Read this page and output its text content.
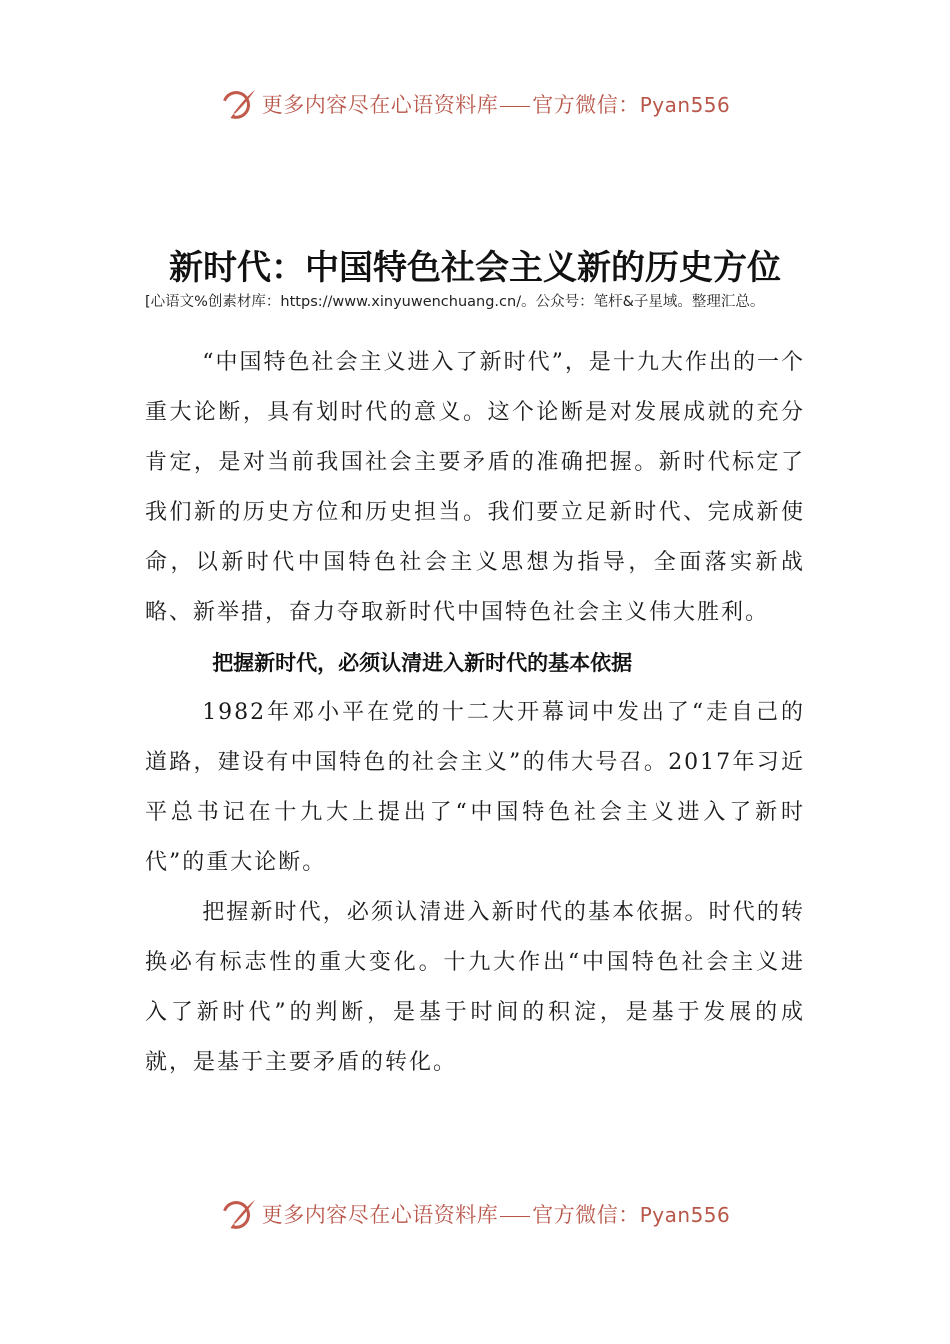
更多内容尽在心语资料库 官方微信：Pyan556
新时代：中国特色社会主义新的历史方位
[心语文%创素材库：https://www.xinyuwenchuang.cn/。公众号：笔杆&子星域。整理汇总。

“中国特色社会主义进入了新时代”，是十九大作出的一个重大论断，具有划时代的意义。这个论断是对发展成就的充分肯定，是对当前我国社会主要矛盾的准确把握。新时代标定了我们新的历史方位和历史担当。我们要立足新时代、完成新使命，以新时代中国特色社会主义思想为指导，全面落实新战略、新举措，奋力夺取新时代中国特色社会主义伟大胜利。

把握新时代，必须认清进入新时代的基本依据

1982年邓小平在党的十二大开幕词中发出了“走自己的道路，建设有中国特色的社会主义”的伟大号召。2017年习近平总书记在十九大上提出了“中国特色社会主义进入了新时代”的重大论断。

把握新时代，必须认清进入新时代的基本依据。时代的转换必有标志性的重大变化。十九大作出“中国特色社会主义进入了新时代”的判断，是基于时间的积淀，是基于发展的成就，是基于主要矛盾的转化。

更多内容尽在心语资料库 官方微信：Pyan556
